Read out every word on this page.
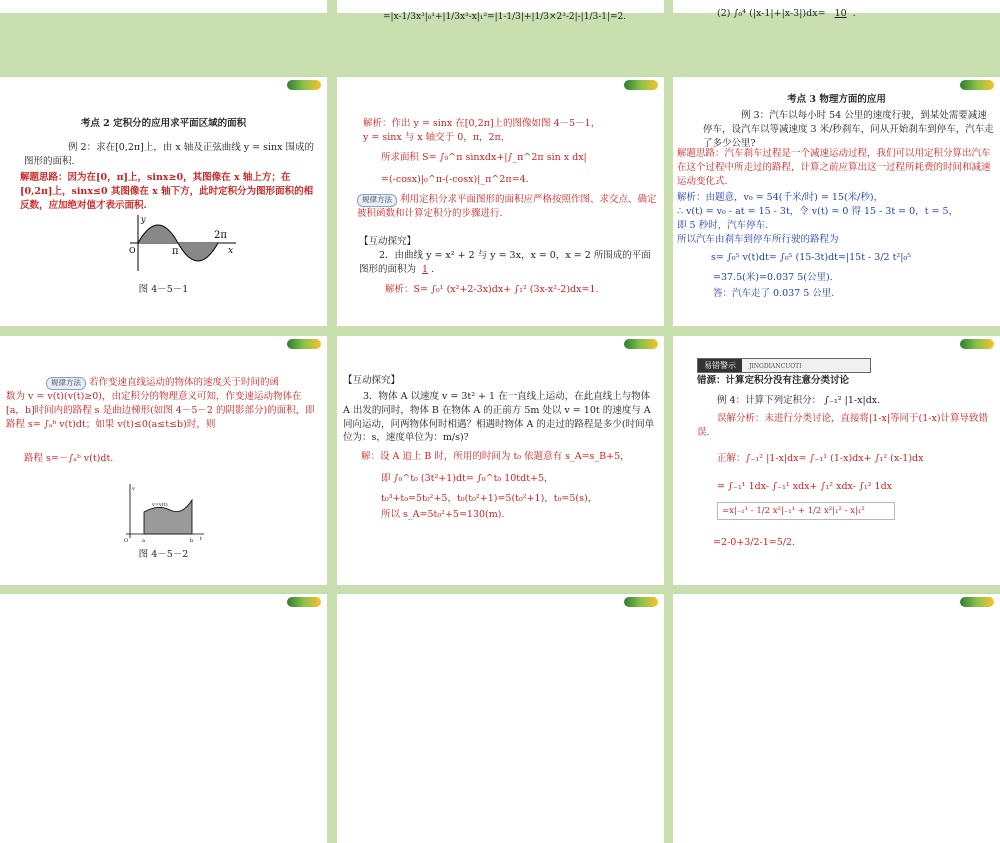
=|x-1/3x³|₀¹+|1/3x³-x|₁²=|1-1/3|+|1/3×2³-2|-|1/3-1|=2.	(2) ∫₀⁴ (|x-1|+|x-3|)dx= 10 .
考点 2 定积分的应用求平面区域的面积
例 2：求在[0,2π]上，由 x 轴及正弦曲线 y = sinx 围成的图形的面积.
解题思路：因为在[0，π]上，sinx≥0，其图像在 x 轴上方；在[0,2π]上，sinx≤0 其图像在 x 轴下方，此时定积分为图形面积的相反数，应加绝对值才表示面积.
2π
π
O	x
y
图 4－5－1
解析：作出 y = sinx 在[0,2π]上的图像如图 4－5－1，
y = sinx 与 x 轴交于 0，π，2π，
所求面积 S= ∫₀^π sinxdx+|∫_π^2π sin x dx|
=(-cosx)|₀^π-(-cosx)|_π^2π=4.
规律方法 利用定积分求平面图形的面积应严格按照作图、求交点、确定被积函数和计算定积分的步骤进行.
【互动探究】
2．由曲线 y = x² + 2 与 y = 3x，x = 0，x = 2 所围成的平面图形的面积为 1 .
解析：S= ∫₀¹ (x²+2-3x)dx+ ∫₁² (3x-x²-2)dx=1.
考点 3 物理方面的应用
例 3：汽车以每小时 54 公里的速度行驶，到某处需要减速停车，设汽车以等减速度 3 米/秒刹车，问从开始刹车到停车，汽车走了多少公里?
解题思路：汽车刹车过程是一个减速运动过程，我们可以用定积分算出汽车在这个过程中所走过的路程，计算之前应算出这一过程所耗费的时间和减速运动变化式.
解析：由题意，v₀ = 54(千米/时) = 15(米/秒)，
∴ v(t) = v₀ - at = 15 - 3t，令 v(t) = 0 得 15 - 3t = 0，t = 5，
即 5 秒时，汽车停车.
所以汽车由刹车到停车所行驶的路程为
s= ∫₀⁵ v(t)dt= ∫₀⁵ (15-3t)dt=|15t - 3/2 t²|₀⁵
=37.5(米)=0.037 5(公里).
答：汽车走了 0.037 5 公里.
规律方法 若作变速直线运动的物体的速度关于时间的函
数为 v = v(t)(v(t)≥0)，由定积分的物理意义可知，作变速运动物体在[a，b]时间内的路程 s 是曲边梯形(如图 4－5－2 的阴影部分)的面积，即路程 s= ∫ₐᵇ v(t)dt；如果 v(t)≤0(a≤t≤b)时，则
路程 s=－∫ₐᵇ v(t)dt.
v=v(t)
O	a	b t
v
图 4－5－2
【互动探究】
3．物体 A 以速度 v = 3t² + 1 在一直线上运动，在此直线上与物体 A 出发的同时，物体 B 在物体 A 的正前方 5m 处以 v = 10t 的速度与 A 同向运动，问两物体何时相遇？相遇时物体 A 的走过的路程是多少(时间单位为：s，速度单位为：m/s)?
解：设 A 追上 B 时，所用的时间为 t₀ 依题意有 s_A=s_B+5，
即 ∫₀^t₀ (3t²+1)dt= ∫₀^t₀ 10tdt+5，
t₀³+t₀=5t₀²+5，t₀(t₀²+1)=5(t₀²+1)，t₀=5(s)，
所以 s_A=5t₀²+5=130(m).
易错警示 JINGDIANCUOTI
错源：计算定积分没有注意分类讨论
例 4：计算下列定积分： ∫₋₁² |1-x|dx.
误解分析：未进行分类讨论，直接将|1-x|等同于(1-x)计算导致错误.
正解：∫₋₁² |1-x|dx= ∫₋₁¹ (1-x)dx+ ∫₁² (x-1)dx
= ∫₋₁¹ 1dx- ∫₋₁¹ xdx+ ∫₁² xdx- ∫₁² 1dx
=x|₋₁¹ - 1/2 x²|₋₁¹ + 1/2 x²|₁² - x|₁²
=2-0+3/2-1=5/2.
